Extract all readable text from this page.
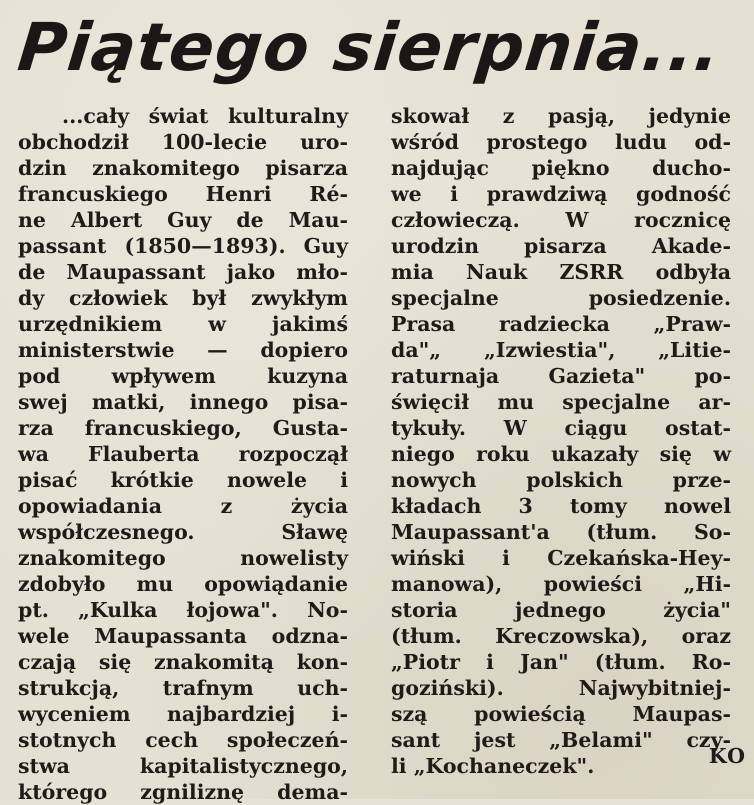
Piątego sierpnia...
...cały świat kulturalny
obchodził 100-lecie uro-
dzin znakomitego pisarza
francuskiego Henri Ré-
ne Albert Guy de Mau-
passant (1850—1893). Guy
de Maupassant jako mło-
dy człowiek był zwykłym
urzędnikiem w jakimś
ministerstwie — dopiero
pod wpływem kuzyna
swej matki, innego pisa-
rza francuskiego, Gusta-
wa Flauberta rozpoczął
pisać krótkie nowele i
opowiadania z życia
współczesnego. Sławę
znakomitego nowelisty
zdobyło mu opowiądanie
pt. „Kulka łojowa". No-
wele Maupassanta odzna-
czają się znakomitą kon-
strukcją, trafnym uch-
wyceniem najbardziej i-
stotnych cech społeczeń-
stwa kapitalistycznego,
którego zgniliznę dema-
skował z pasją, jedynie
wśród prostego ludu od-
najdując piękno ducho-
we i prawdziwą godność
człowieczą. W rocznicę
urodzin pisarza Akade-
mia Nauk ZSRR odbyła
specjalne posiedzenie.
Prasa radziecka „Praw-
da"„ „Izwiestia", „Litie-
raturnaja Gazieta" po-
święcił mu specjalne ar-
tykuły. W ciągu ostat-
niego roku ukazały się w
nowych polskich prze-
kładach 3 tomy nowel
Maupassant'a (tłum. So-
wiński i Czekańska-Hey-
manowa), powieści „Hi-
storia jednego życia"
(tłum. Kreczowska), oraz
„Piotr i Jan" (tłum. Ro-
goziński). Najwybitniej-
szą powieścią Maupas-
sant jest „Belami" czy-
li „Kochaneczek".	KO
